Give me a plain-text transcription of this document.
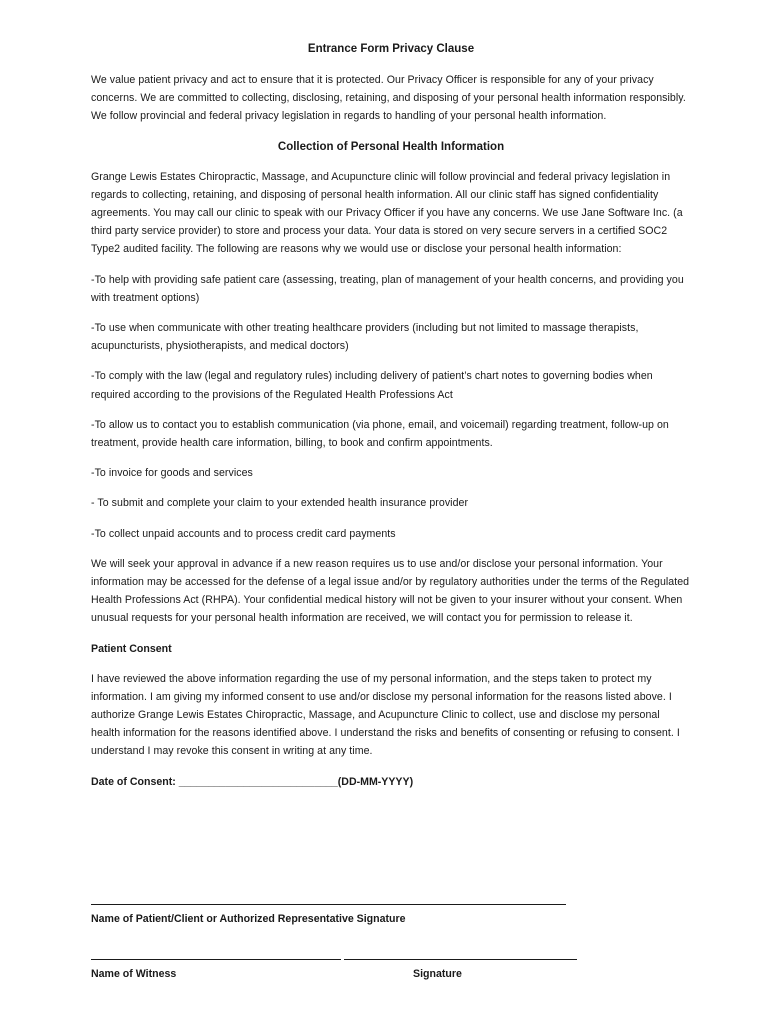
Entrance Form Privacy Clause

We value patient privacy and act to ensure that it is protected. Our Privacy Officer is responsible for any of your privacy concerns. We are committed to collecting, disclosing, retaining, and disposing of your personal health information responsibly. We follow provincial and federal privacy legislation in regards to handling of your personal health information.

Collection of Personal Health Information

Grange Lewis Estates Chiropractic, Massage, and Acupuncture clinic will follow provincial and federal privacy legislation in regards to collecting, retaining, and disposing of personal health information. All our clinic staff has signed confidentiality agreements. You may call our clinic to speak with our Privacy Officer if you have any concerns. We use Jane Software Inc. (a third party service provider) to store and process your data. Your data is stored on very secure servers in a certified SOC2 Type2 audited facility. The following are reasons why we would use or disclose your personal health information:

-To help with providing safe patient care (assessing, treating, plan of management of your health concerns, and providing you with treatment options)

-To use when communicate with other treating healthcare providers (including but not limited to massage therapists, acupuncturists, physiotherapists, and medical doctors)

-To comply with the law (legal and regulatory rules) including delivery of patient’s chart notes to governing bodies when required according to the provisions of the Regulated Health Professions Act

-To allow us to contact you to establish communication (via phone, email, and voicemail) regarding treatment, follow-up on treatment, provide health care information, billing, to book and confirm appointments.

-To invoice for goods and services

- To submit and complete your claim to your extended health insurance provider

-To collect unpaid accounts and to process credit card payments

We will seek your approval in advance if a new reason requires us to use and/or disclose your personal information. Your information may be accessed for the defense of a legal issue and/or by regulatory authorities under the terms of the Regulated Health Professions Act (RHPA). Your confidential medical history will not be given to your insurer without your consent. When unusual requests for your personal health information are received, we will contact you for permission to release it.

Patient Consent

I have reviewed the above information regarding the use of my personal information, and the steps taken to protect my information. I am giving my informed consent to use and/or disclose my personal information for the reasons listed above. I authorize Grange Lewis Estates Chiropractic, Massage, and Acupuncture Clinic to collect, use and disclose my personal health information for the reasons identified above. I understand the risks and benefits of consenting or refusing to consent. I understand I may revoke this consent in writing at any time.

Date of Consent: ___________________________(DD-MM-YYYY)
Name of Patient/Client or Authorized Representative Signature
Name of Witness	Signature
